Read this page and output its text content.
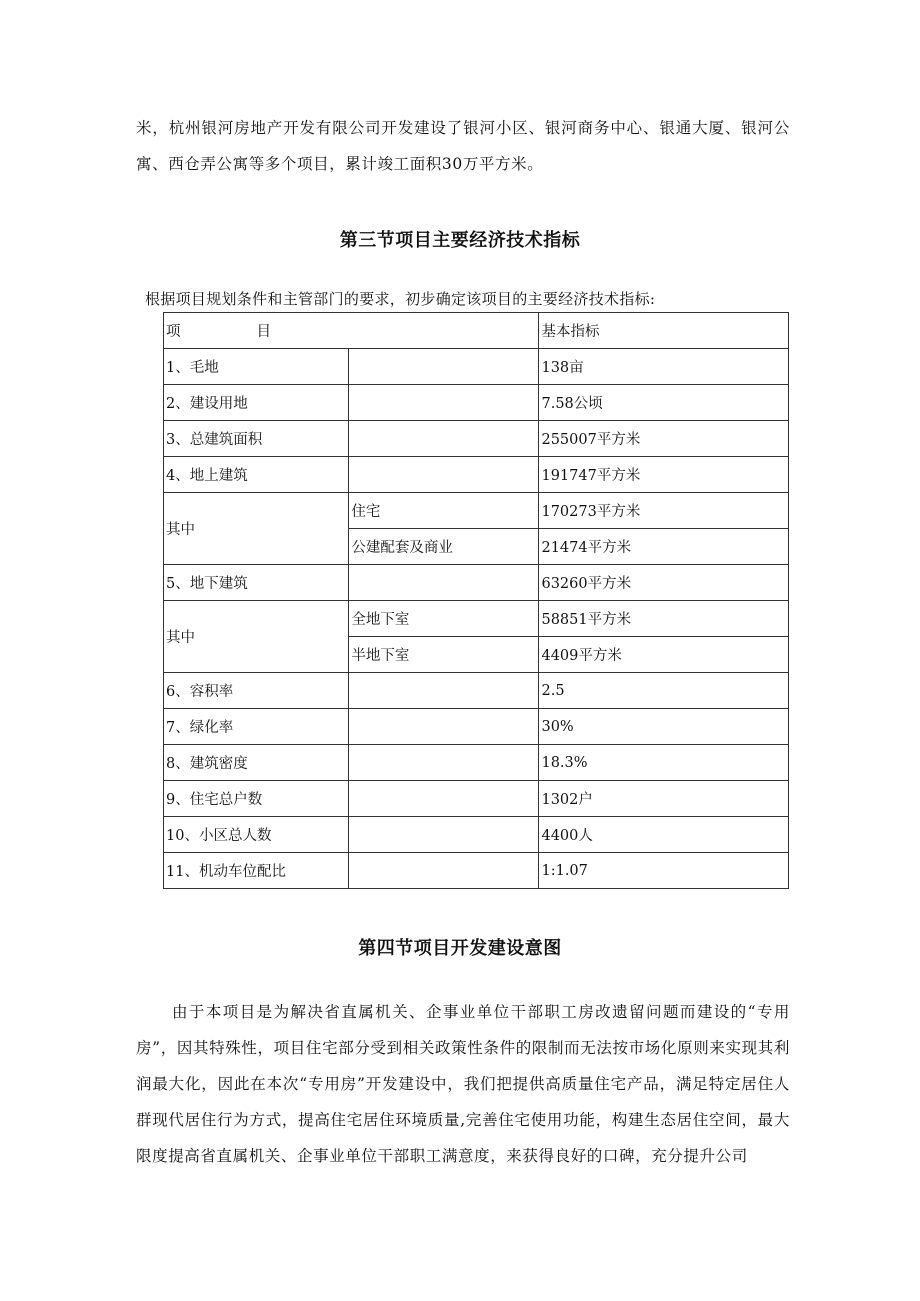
米，杭州银河房地产开发有限公司开发建设了银河小区、银河商务中心、银通大厦、银河公寓、西仓弄公寓等多个项目，累计竣工面积30万平方米。

第三节项目主要经济技术指标

根据项目规划条件和主管部门的要求，初步确定该项目的主要经济技术指标:

项 目		基本指标
1、毛地		138亩
2、建设用地		7.58公顷
3、总建筑面积		255007平方米
4、地上建筑		191747平方米
其中	住宅	170273平方米
	公建配套及商业	21474平方米
5、地下建筑		63260平方米
其中	全地下室	58851平方米
	半地下室	4409平方米
6、容积率		2.5
7、绿化率		30%
8、建筑密度		18.3%
9、住宅总户数		1302户
10、小区总人数		4400人
11、机动车位配比		1:1.07
第四节项目开发建设意图

由于本项目是为解决省直属机关、企事业单位干部职工房改遗留问题而建设的“专用房”，因其特殊性，项目住宅部分受到相关政策性条件的限制而无法按市场化原则来实现其利润最大化，因此在本次“专用房”开发建设中，我们把提供高质量住宅产品，满足特定居住人群现代居住行为方式，提高住宅居住环境质量,完善住宅使用功能，构建生态居住空间，最大限度提高省直属机关、企事业单位干部职工满意度，来获得良好的口碑，充分提升公司
